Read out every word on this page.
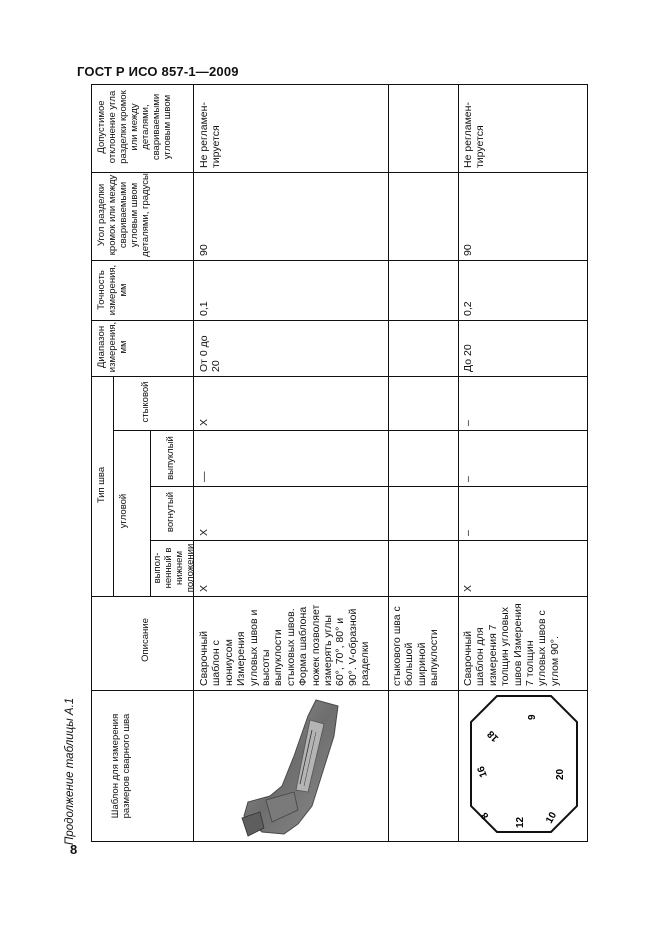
ГОСТ Р ИСО 857-1—2009
8
Продолжение таблицы А.1	Шаблон для измерения размеров сварного шва
Описание
Тип шва
угловой
выполненный в нижнем положении
вогнутый
выпуклый
стыковой
Диапазон измерения, мм
Точность измерения, мм
Угол разделки кромок или между свариваемыми угловым швом деталями, градусы
Допустимое отклонение угла разделки кромок или между деталями, свариваемыми угловым швом
Сварочный шаблон с нониусом Измерения угловых швов и высоты выпуклости стыковых швов. Форма шаблона ножек позволяет измерять углы 60°, 70°, 80° и 90°. V-образной разделки
X
X
—
X
От 0 до 20
0,1
90
Не регламентируется
стыкового шва с большой шириной выпуклости Сварочный шаблон для измерения 7 толщин угловых швов Измерения 7 толщин угловых швов с углом 90°.
X
–
–
–
До 20
0,2
90
Не регламентируется
9
12
16
18
20
10
8
